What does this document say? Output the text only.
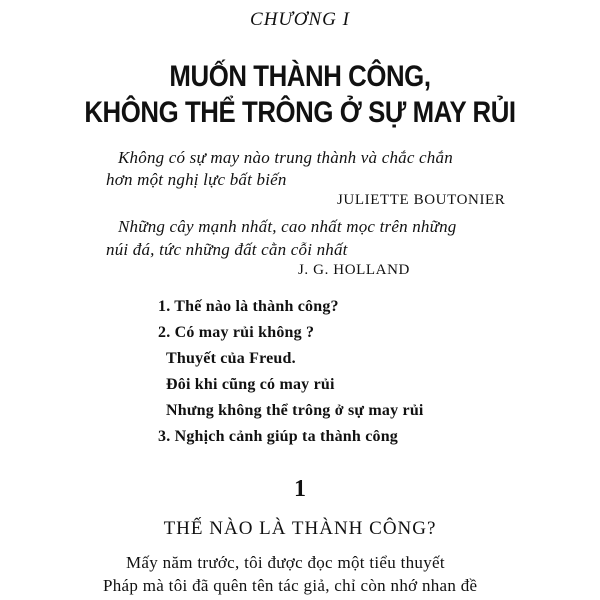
CHƯƠNG I
MUỐN THÀNH CÔNG,
KHÔNG THỂ TRÔNG Ở SỰ MAY RỦI
Không có sự may nào trung thành và chắc chắn
hơn một nghị lực bất biến
JULIETTE BOUTONIER
Những cây mạnh nhất, cao nhất mọc trên những
núi đá, tức những đất cằn cỗi nhất
J. G. HOLLAND
1. Thế nào là thành công?
2. Có may rủi không ?
Thuyết của Freud.
Đôi khi cũng có may rủi
Nhưng không thể trông ở sự may rủi
3. Nghịch cảnh giúp ta thành công
1
THẾ NÀO LÀ THÀNH CÔNG?
Mấy năm trước, tôi được đọc một tiểu thuyết
Pháp mà tôi đã quên tên tác giả, chỉ còn nhớ nhan đề
